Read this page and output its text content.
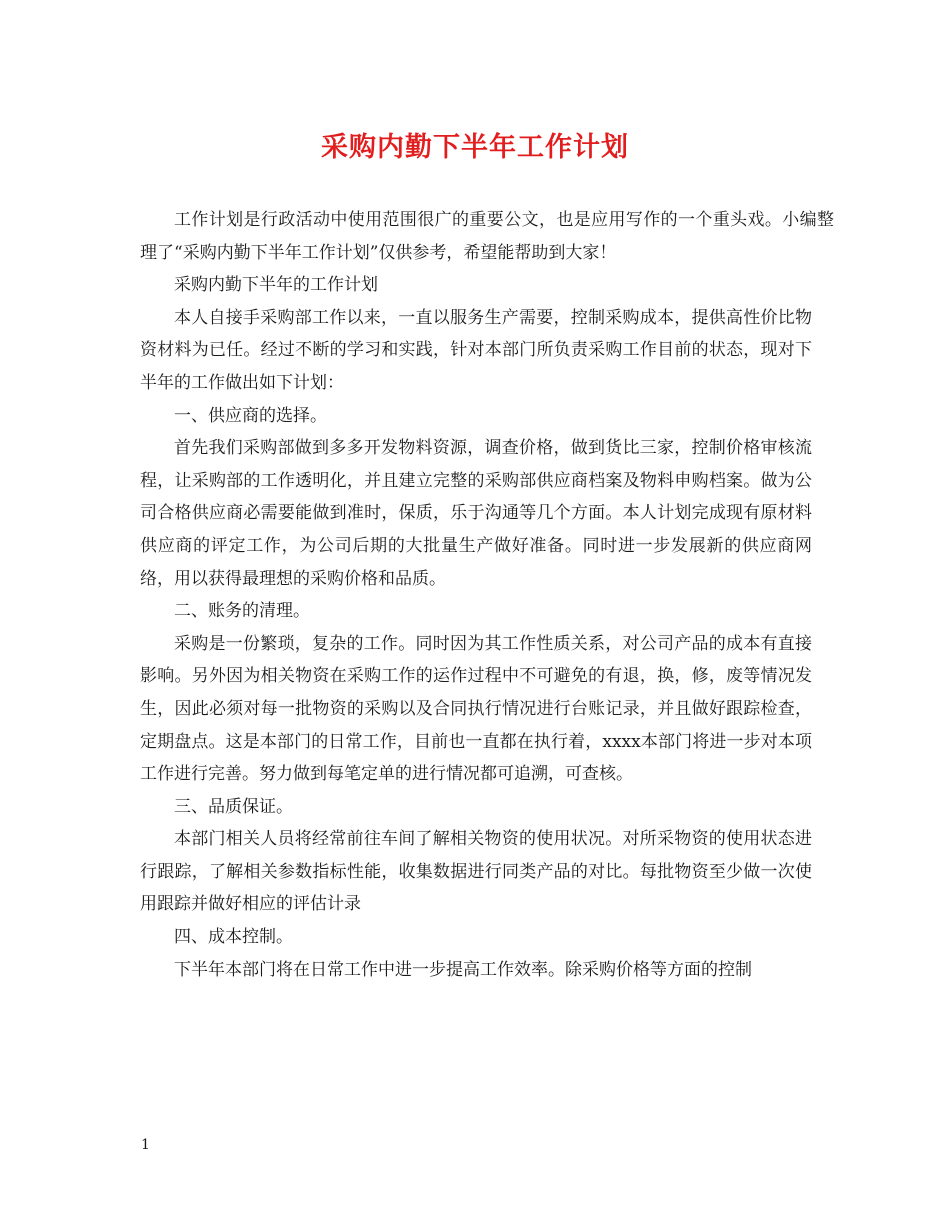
采购内勤下半年工作计划

工作计划是行政活动中使用范围很广的重要公文，也是应用写作的一个重头戏。小编整理了“采购内勤下半年工作计划”仅供参考，希望能帮助到大家！

采购内勤下半年的工作计划

本人自接手采购部工作以来，一直以服务生产需要，控制采购成本，提供高性价比物资材料为已任。经过不断的学习和实践，针对本部门所负责采购工作目前的状态，现对下半年的工作做出如下计划：

一、供应商的选择。

首先我们采购部做到多多开发物料资源，调查价格，做到货比三家，控制价格审核流程，让采购部的工作透明化，并且建立完整的采购部供应商档案及物料申购档案。做为公司合格供应商必需要能做到准时，保质，乐于沟通等几个方面。本人计划完成现有原材料供应商的评定工作，为公司后期的大批量生产做好准备。同时进一步发展新的供应商网络，用以获得最理想的采购价格和品质。

二、账务的清理。

采购是一份繁琐，复杂的工作。同时因为其工作性质关系，对公司产品的成本有直接影响。另外因为相关物资在采购工作的运作过程中不可避免的有退，换，修，废等情况发生，因此必须对每一批物资的采购以及合同执行情况进行台账记录，并且做好跟踪检查，定期盘点。这是本部门的日常工作，目前也一直都在执行着，xxxx本部门将进一步对本项工作进行完善。努力做到每笔定单的进行情况都可追溯，可查核。

三、品质保证。

本部门相关人员将经常前往车间了解相关物资的使用状况。对所采物资的使用状态进行跟踪，了解相关参数指标性能，收集数据进行同类产品的对比。每批物资至少做一次使用跟踪并做好相应的评估计录

四、成本控制。

下半年本部门将在日常工作中进一步提高工作效率。除采购价格等方面的控制

1
